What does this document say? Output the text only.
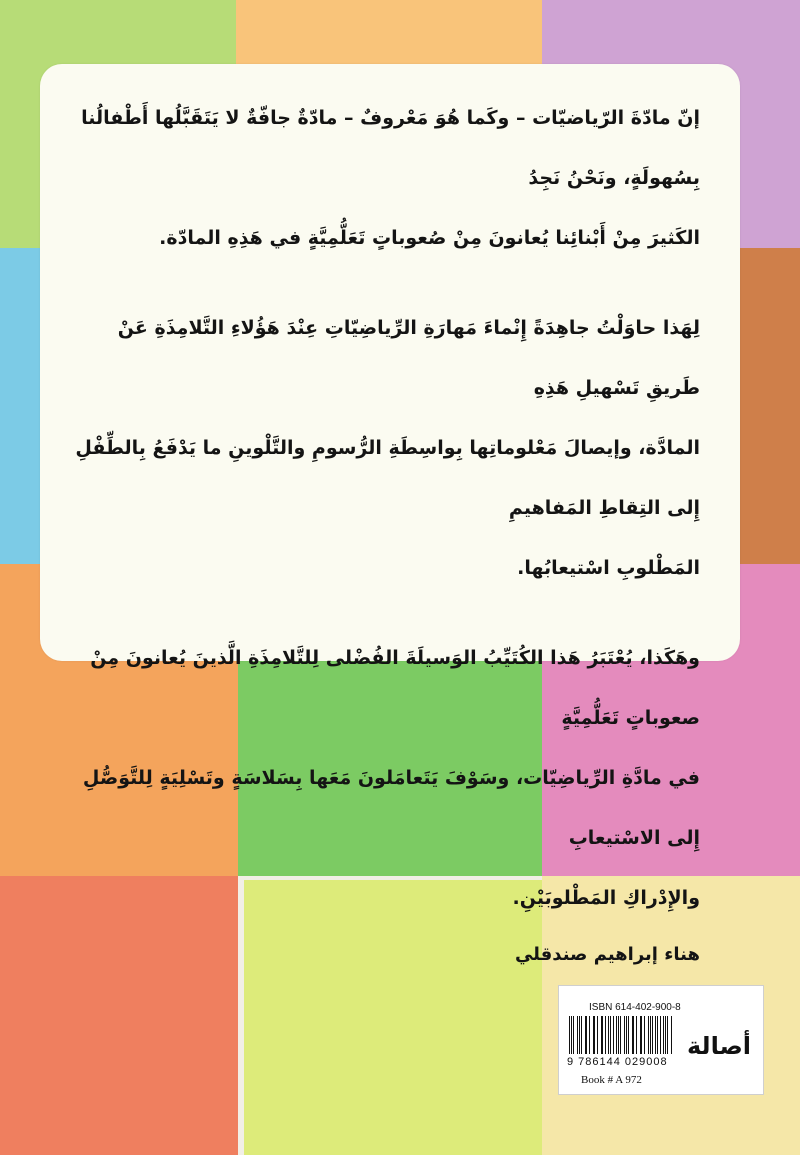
إنّ مادّةَ الرّياضيّات – وكَما هُوَ مَعْروفٌ – مادّةٌ جافّةٌ لا يَتَقَبَّلُها أَطْفالُنا بِسُهولَةٍ، ونَحْنُ نَجِدُ

الكَثيرَ مِنْ أَبْنائِنا يُعانونَ مِنْ صُعوباتٍ تَعَلُّمِيَّةٍ في هَذِهِ المادّة.

لِهَذا حاوَلْتُ جاهِدَةً إِنْماءَ مَهارَةِ الرِّياضِيّاتِ عِنْدَ هَؤُلاءِ التَّلامِذَةِ عَنْ طَريقِ تَسْهيلِ هَذِهِ

المادَّة، وإيصالَ مَعْلوماتِها بِواسِطَةِ الرُّسومِ والتَّلْوينِ ما يَدْفَعُ بِالطِّفْلِ إِلى التِقاطِ المَفاهيمِ

المَطْلوبِ اسْتيعابُها.

وهَكَذا، يُعْتَبَرُ هَذا الكُتَيِّبُ الوَسيلَةَ الفُضْلى لِلتَّلامِذَةِ الَّذينَ يُعانونَ مِنْ صعوباتٍ تَعَلُّمِيَّةٍ

في مادَّةِ الرِّياضِيّات، وسَوْفَ يَتَعامَلونَ مَعَها بِسَلاسَةٍ وتَسْلِيَةٍ لِلتَّوَصُّلِ إِلى الاسْتيعابِ

والإِدْراكِ المَطْلوبَيْنِ.

هناء إبراهيم صندقلي
ISBN 614-402-900-8
9 786144 029008
Book # A 972
أصالة
